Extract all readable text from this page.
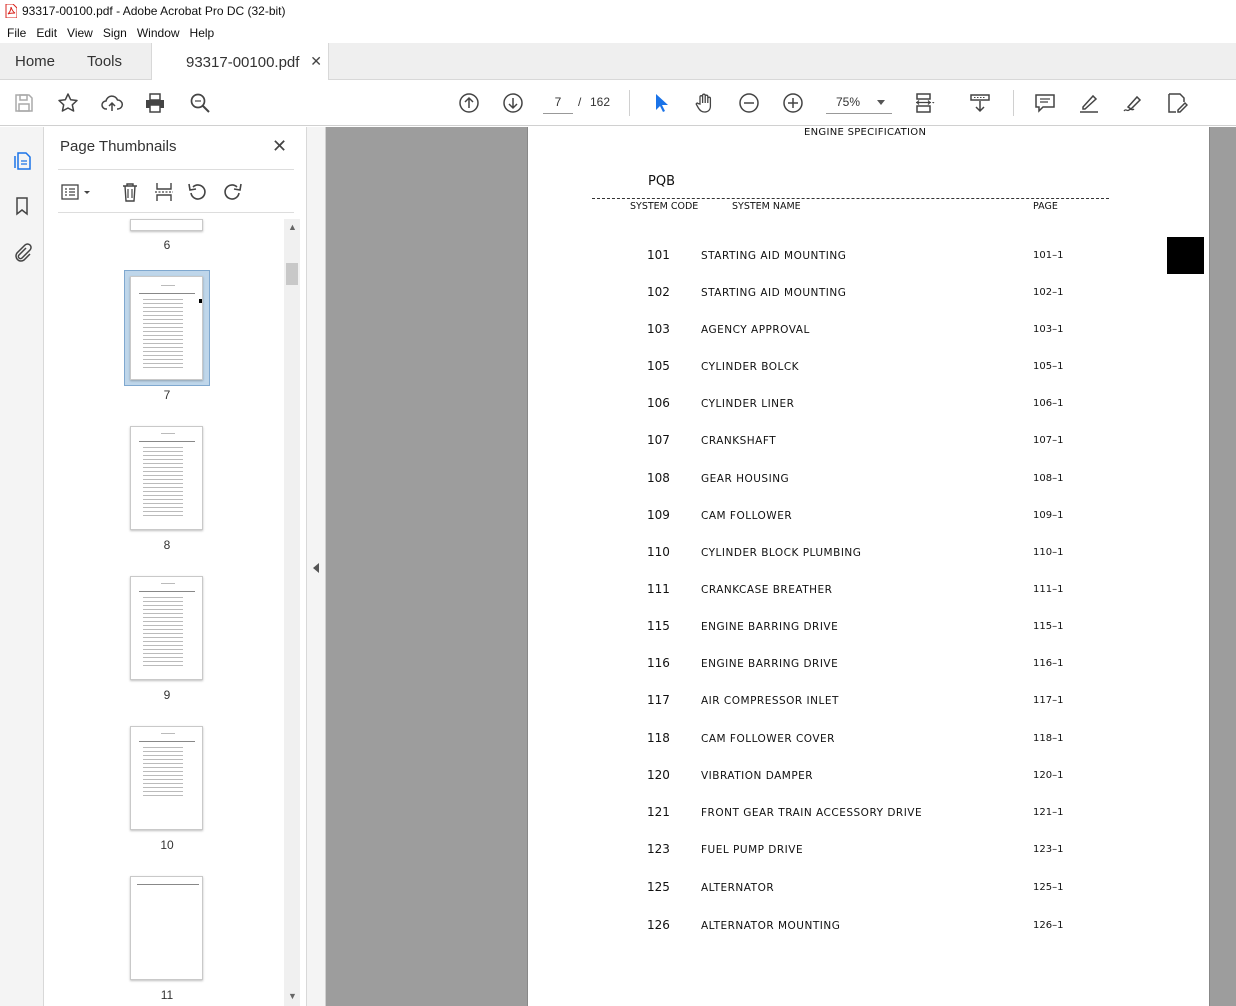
93317-00100.pdf - Adobe Acrobat Pro DC (32-bit)
File Edit View Sign Window Help
Home Tools	93317-00100.pdf ✕
7	/ 162	75%
Page Thumbnails	✕
6
7
8
9
10
11
▲
▼
ENGINE SPECIFICATION
PQB
SYSTEM CODE	SYSTEM NAME	PAGE
101	STARTING AID MOUNTING	101–1
102	STARTING AID MOUNTING	102–1
103	AGENCY APPROVAL	103–1
105	CYLINDER BOLCK	105–1
106	CYLINDER LINER	106–1
107	CRANKSHAFT	107–1
108	GEAR HOUSING	108–1
109	CAM FOLLOWER	109–1
110	CYLINDER BLOCK PLUMBING	110–1
111	CRANKCASE BREATHER	111–1
115	ENGINE BARRING DRIVE	115–1
116	ENGINE BARRING DRIVE	116–1
117	AIR COMPRESSOR INLET	117–1
118	CAM FOLLOWER COVER	118–1
120	VIBRATION DAMPER	120–1
121	FRONT GEAR TRAIN ACCESSORY DRIVE	121–1
123	FUEL PUMP DRIVE	123–1
125	ALTERNATOR	125–1
126	ALTERNATOR MOUNTING	126–1
